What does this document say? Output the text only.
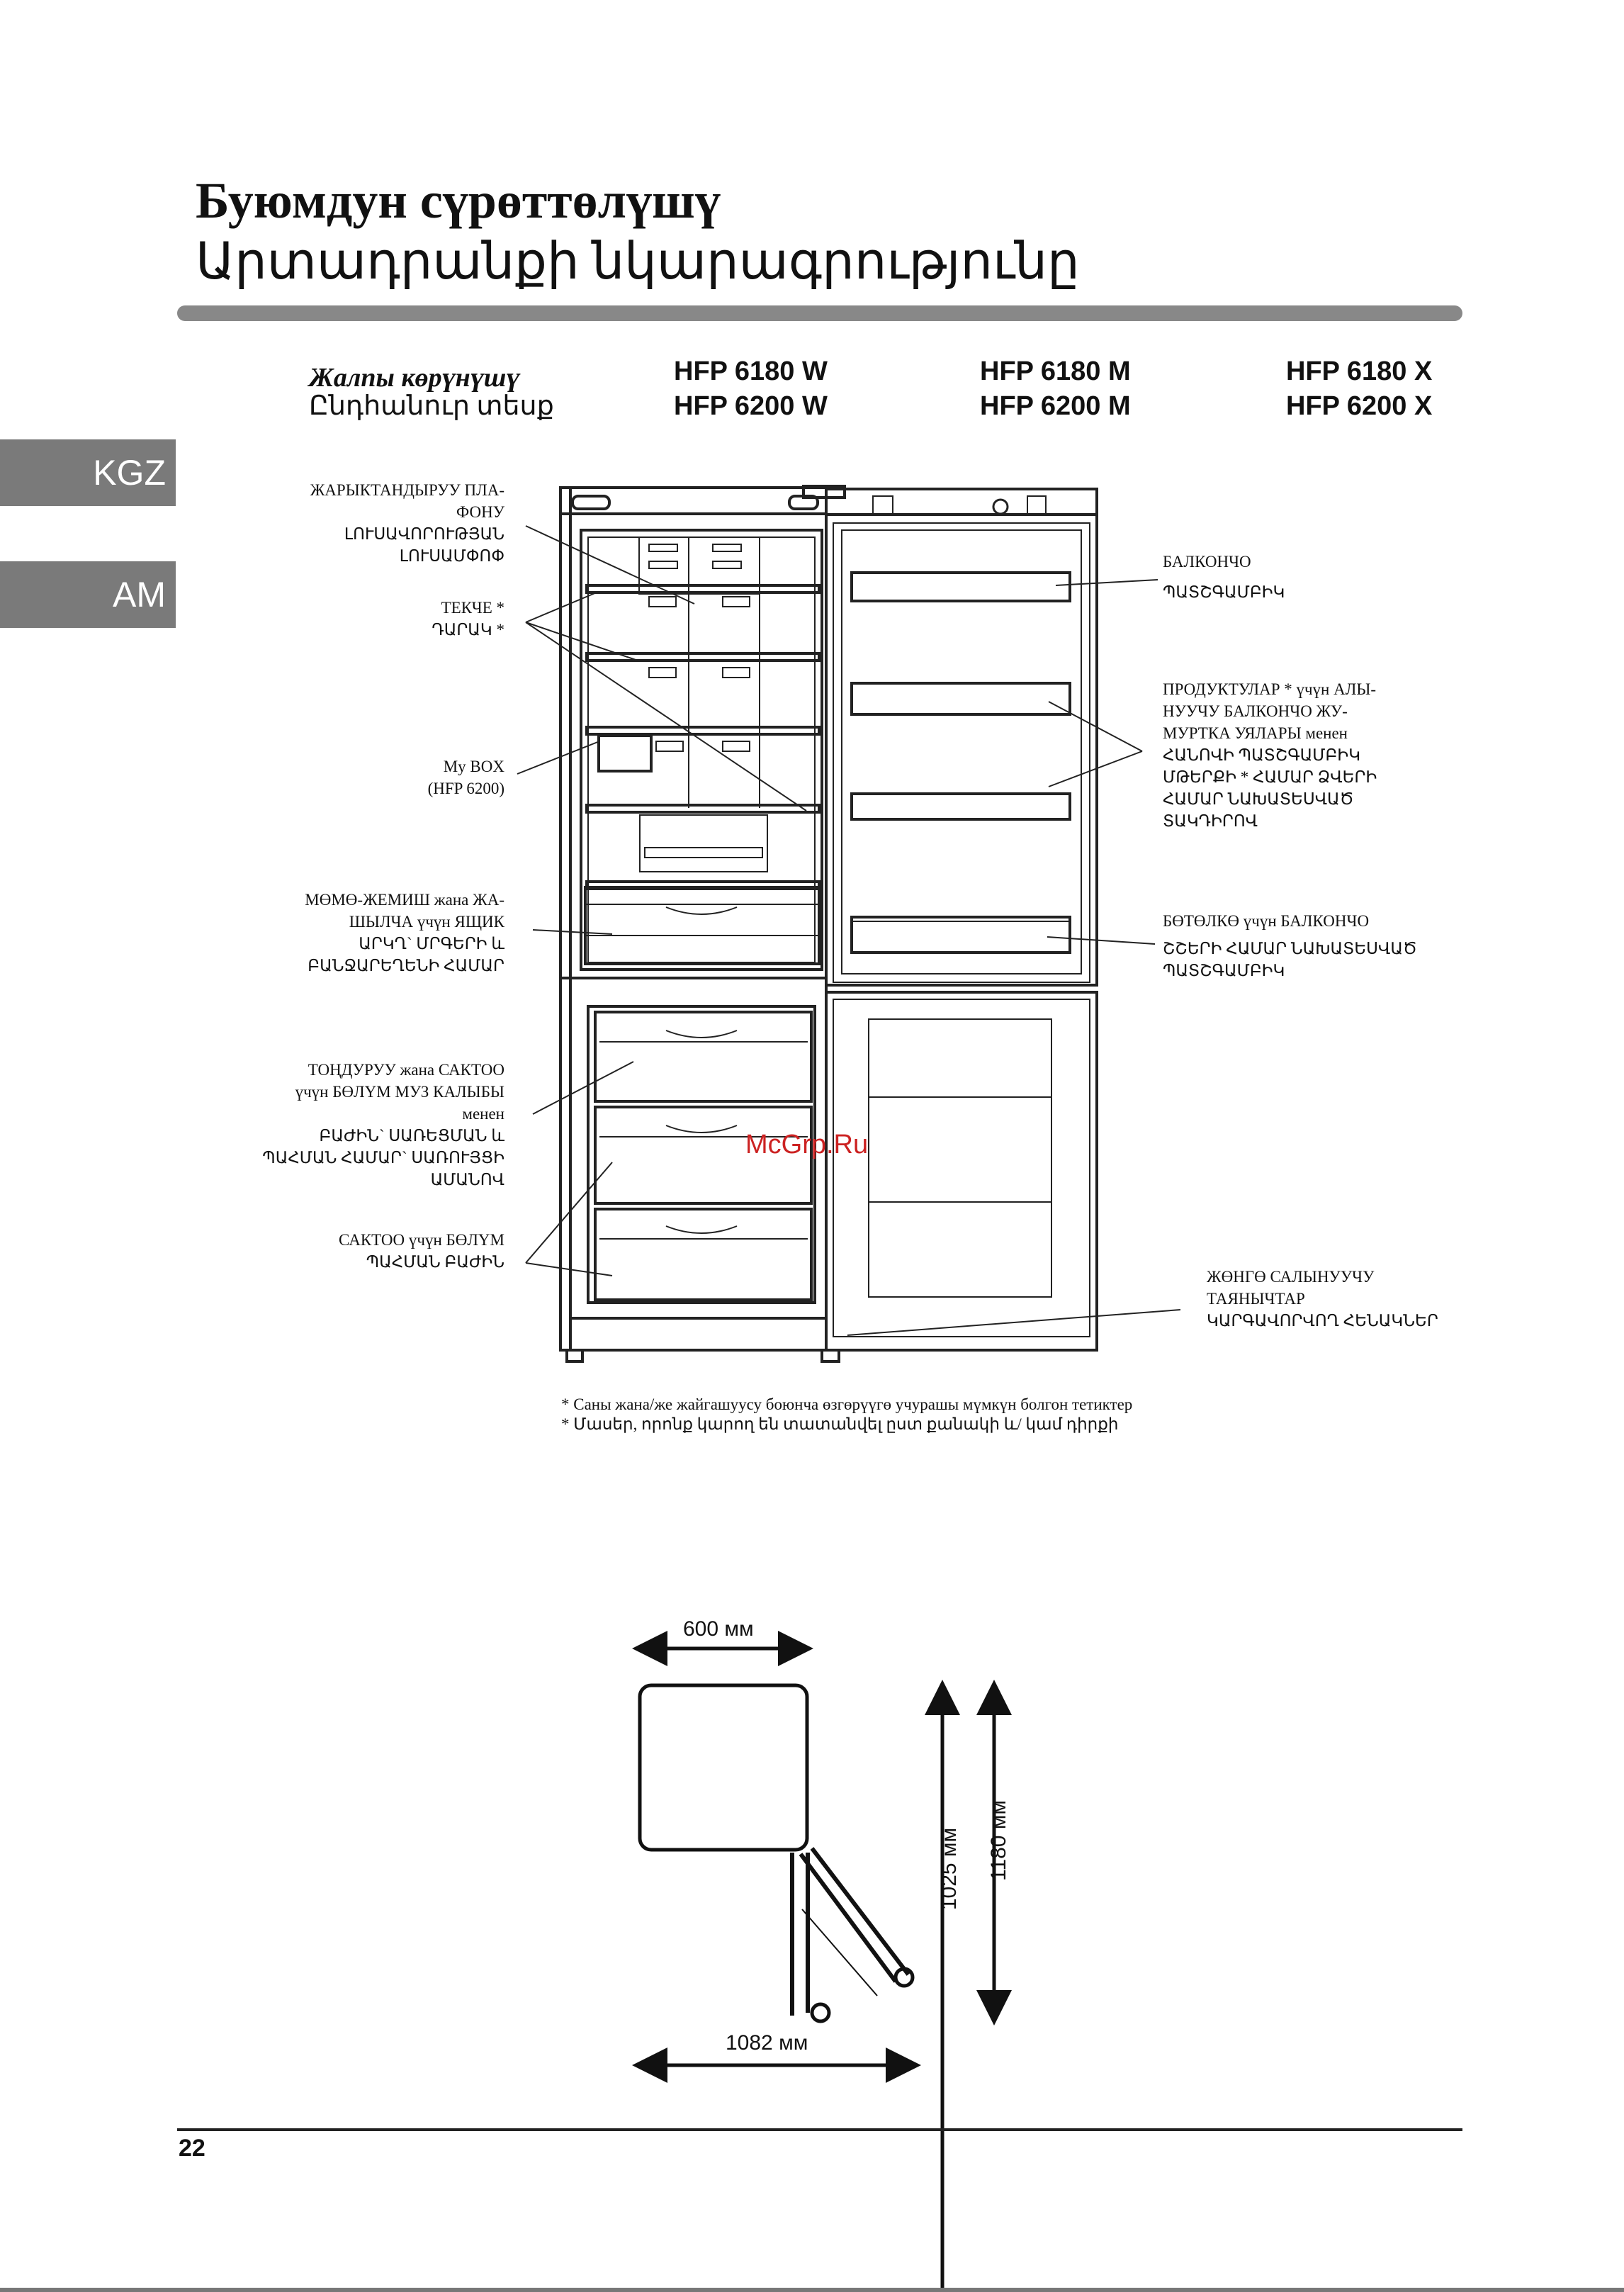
Буюмдун сүрөттөлүшү
Արտադրանքի նկարագրությունը
KGZ
AM
Жалпы көрүнүшү
Ընդհանուր տեսք
HFP 6180 W
HFP 6200 W
HFP 6180 M
HFP 6200 M
HFP 6180 X
HFP 6200 X
ЖАРЫКТАНДЫРУУ ПЛА-
ФОНУ
ԼՈՒՍԱՎՈՐՈՒԹՅԱՆ
ԼՈՒՍԱՄՓՈՓ
ТЕКЧЕ *
ԴԱՐԱԿ *
My BOX
(HFP 6200)
МӨМӨ-ЖЕМИШ жана ЖА-
ШЫЛЧА үчүн ЯЩИК
ԱՐԿՂ` ՄՐԳԵՐԻ և
ԲԱՆՋԱՐԵՂԵՆԻ ՀԱՄԱՐ
ТОҢДУРУУ жана САКТОО
үчүн БӨЛҮМ МУЗ КАЛЫБЫ
менен
ԲԱԺԻՆ` ՍԱՌԵՑՄԱՆ և
ՊԱՀՄԱՆ ՀԱՄԱՐ` ՍԱՌՈՒՅՑԻ
ԱՄԱՆՈՎ
САКТОО үчүн БӨЛҮМ
ՊԱՀՄԱՆ ԲԱԺԻՆ
БАЛКОНЧО
ՊԱՏՇԳԱՄԲԻԿ
ПРОДУКТУЛАР * үчүн АЛЫ-
НУУЧУ БАЛКОНЧО ЖУ-
МУРТКА УЯЛАРЫ менен
ՀԱՆՈՎԻ ՊԱՏՇԳԱՄԲԻԿ
ՄԹԵՐՔԻ * ՀԱՄԱՐ ՁՎԵՐԻ
ՀԱՄԱՐ ՆԱԽԱՏԵՍՎԱԾ
ՏԱԿԴԻՐՈՎ
БӨТӨЛКӨ үчүн БАЛКОНЧО
ՇՇԵՐԻ ՀԱՄԱՐ ՆԱԽԱՏԵՍՎԱԾ
ՊԱՏՇԳԱՄԲԻԿ
ЖӨНГӨ САЛЫНУУЧУ
ТАЯНЫЧТАР
ԿԱՐԳԱՎՈՐՎՈՂ ՀԵՆԱԿՆԵՐ
McGrp.Ru
* Саны жана/же жайгашуусу боюнча өзгөрүүгө учурашы мүмкүн болгон тетиктер
* Մասեր, որոնք կարող են տատանվել ըստ քանակի և/ կամ դիրքի
600 мм
1025 мм 1180 мм
1082 мм
22
